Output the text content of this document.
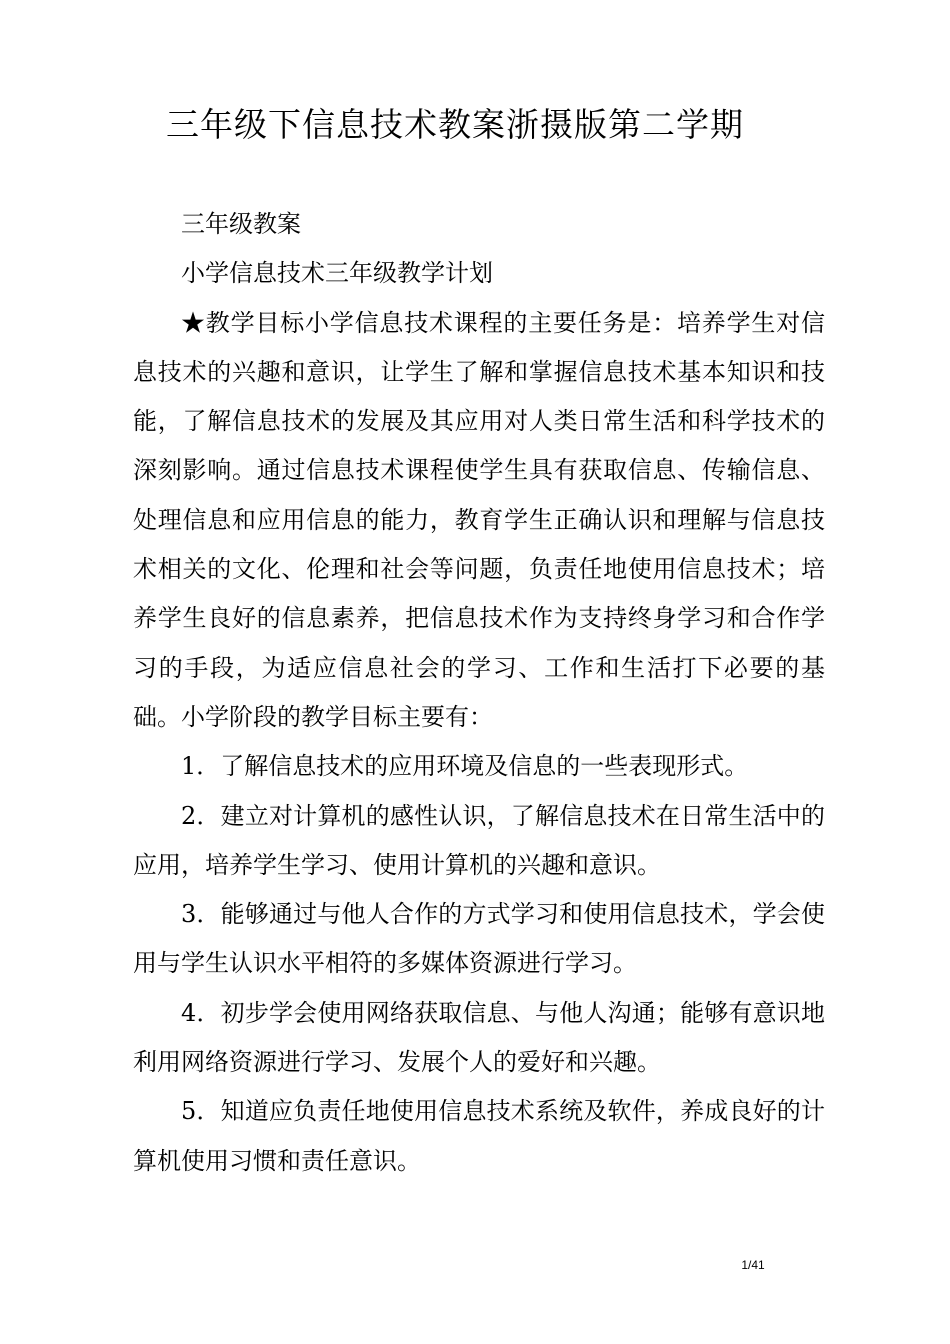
三年级下信息技术教案浙摄版第二学期

三年级教案

小学信息技术三年级教学计划

★教学目标小学信息技术课程的主要任务是：培养学生对信息技术的兴趣和意识，让学生了解和掌握信息技术基本知识和技能，了解信息技术的发展及其应用对人类日常生活和科学技术的深刻影响。通过信息技术课程使学生具有获取信息、传输信息、处理信息和应用信息的能力，教育学生正确认识和理解与信息技术相关的文化、伦理和社会等问题，负责任地使用信息技术；培养学生良好的信息素养，把信息技术作为支持终身学习和合作学习的手段，为适应信息社会的学习、工作和生活打下必要的基础。小学阶段的教学目标主要有：

1．了解信息技术的应用环境及信息的一些表现形式。

2．建立对计算机的感性认识，了解信息技术在日常生活中的应用，培养学生学习、使用计算机的兴趣和意识。

3．能够通过与他人合作的方式学习和使用信息技术，学会使用与学生认识水平相符的多媒体资源进行学习。

4．初步学会使用网络获取信息、与他人沟通；能够有意识地利用网络资源进行学习、发展个人的爱好和兴趣。

5．知道应负责任地使用信息技术系统及软件，养成良好的计算机使用习惯和责任意识。

1/41
